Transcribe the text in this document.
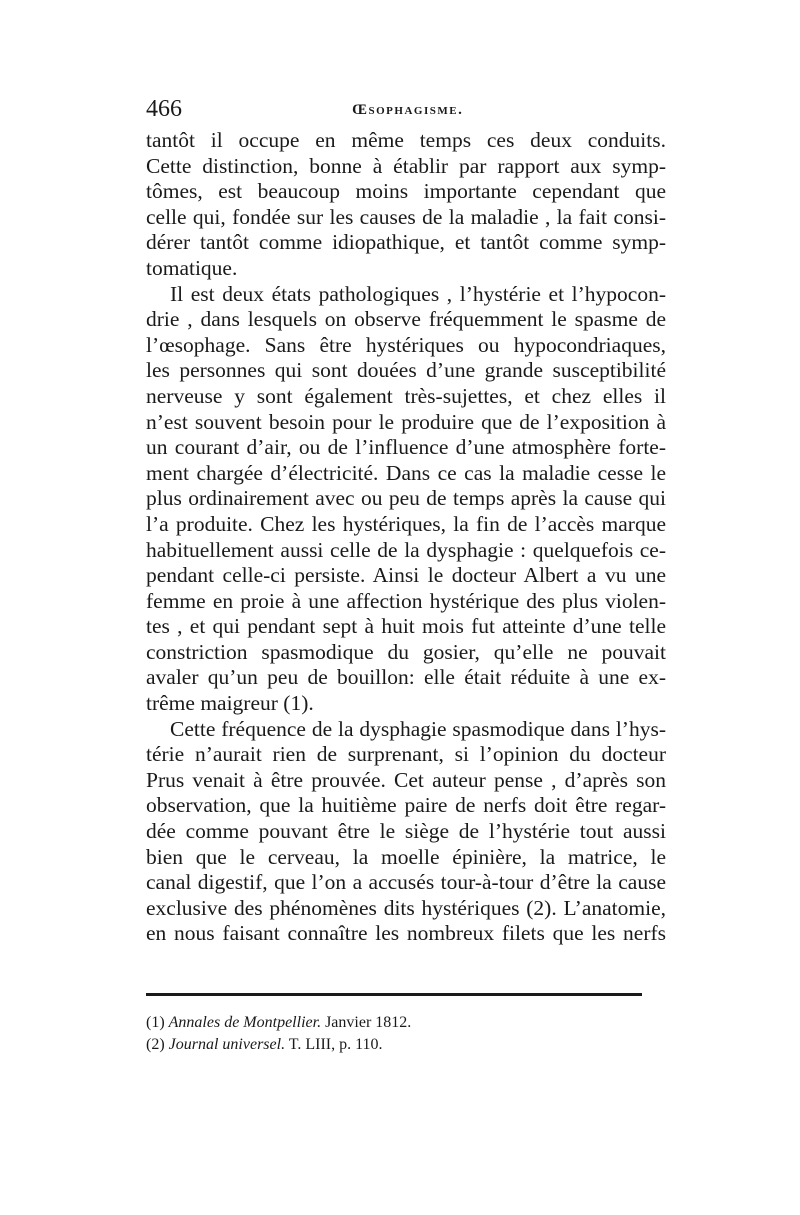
466	Œsophagisme.
tantôt il occupe en même temps ces deux conduits.
Cette distinction, bonne à établir par rapport aux symp-
tômes, est beaucoup moins importante cependant que
celle qui, fondée sur les causes de la maladie , la fait consi-
dérer tantôt comme idiopathique, et tantôt comme symp-
tomatique.
Il est deux états pathologiques , l’hystérie et l’hypocon-
drie , dans lesquels on observe fréquemment le spasme de
l’œsophage. Sans être hystériques ou hypocondriaques,
les personnes qui sont douées d’une grande susceptibilité
nerveuse y sont également très-sujettes, et chez elles il
n’est souvent besoin pour le produire que de l’exposition à
un courant d’air, ou de l’influence d’une atmosphère forte-
ment chargée d’électricité. Dans ce cas la maladie cesse le
plus ordinairement avec ou peu de temps après la cause qui
l’a produite. Chez les hystériques, la fin de l’accès marque
habituellement aussi celle de la dysphagie : quelquefois ce-
pendant celle-ci persiste. Ainsi le docteur Albert a vu une
femme en proie à une affection hystérique des plus violen-
tes , et qui pendant sept à huit mois fut atteinte d’une telle
constriction spasmodique du gosier, qu’elle ne pouvait
avaler qu’un peu de bouillon: elle était réduite à une ex-
trême maigreur (1).
Cette fréquence de la dysphagie spasmodique dans l’hys-
térie n’aurait rien de surprenant, si l’opinion du docteur
Prus venait à être prouvée. Cet auteur pense , d’après son
observation, que la huitième paire de nerfs doit être regar-
dée comme pouvant être le siège de l’hystérie tout aussi
bien que le cerveau, la moelle épinière, la matrice, le
canal digestif, que l’on a accusés tour-à-tour d’être la cause
exclusive des phénomènes dits hystériques (2). L’anatomie,
en nous faisant connaître les nombreux filets que les nerfs
(1) Annales de Montpellier. Janvier 1812.
(2) Journal universel. T. LIII, p. 110.
